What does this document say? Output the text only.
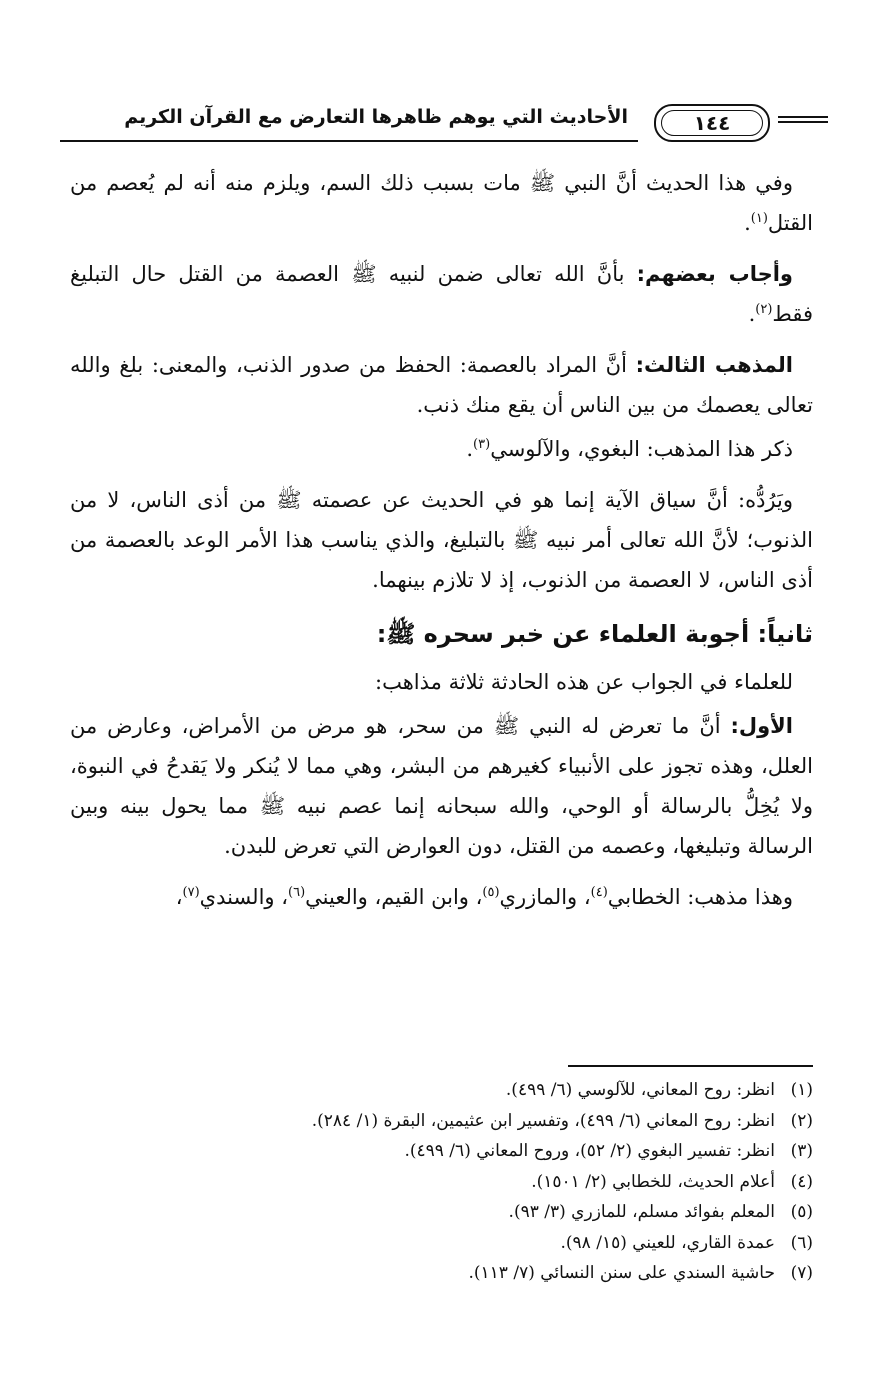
١٤٤
الأحاديث التي يوهم ظاهرها التعارض مع القرآن الكريم

وفي هذا الحديث أنَّ النبي ﷺ مات بسبب ذلك السم، ويلزم منه أنه لم يُعصم من القتل$^{(١)}$.

وأجاب بعضهم: بأنَّ الله تعالى ضمن لنبيه ﷺ العصمة من القتل حال التبليغ فقط$^{(٢)}$.

المذهب الثالث: أنَّ المراد بالعصمة: الحفظ من صدور الذنب، والمعنى: بلغ والله تعالى يعصمك من بين الناس أن يقع منك ذنب.

ذكر هذا المذهب: البغوي، والآلوسي$^{(٣)}$.

ويَرُدُّه: أنَّ سياق الآية إنما هو في الحديث عن عصمته ﷺ من أذى الناس، لا من الذنوب؛ لأنَّ الله تعالى أمر نبيه ﷺ بالتبليغ، والذي يناسب هذا الأمر الوعد بالعصمة من أذى الناس، لا العصمة من الذنوب، إذ لا تلازم بينهما.

ثانياً: أجوبة العلماء عن خبر سحره ﷺ:

للعلماء في الجواب عن هذه الحادثة ثلاثة مذاهب:

الأول: أنَّ ما تعرض له النبي ﷺ من سحر، هو مرض من الأمراض، وعارض من العلل، وهذه تجوز على الأنبياء كغيرهم من البشر، وهي مما لا يُنكر ولا يَقدحُ في النبوة، ولا يُخِلُّ بالرسالة أو الوحي، والله سبحانه إنما عصم نبيه ﷺ مما يحول بينه وبين الرسالة وتبليغها، وعصمه من القتل، دون العوارض التي تعرض للبدن.

وهذا مذهب: الخطابي$^{(٤)}$، والمازري$^{(٥)}$، وابن القيم، والعيني$^{(٦)}$، والسندي$^{(٧)}$،

(١)انظر: روح المعاني، للآلوسي (٦/ ٤٩٩).
(٢)انظر: روح المعاني (٦/ ٤٩٩)، وتفسير ابن عثيمين، البقرة (١/ ٢٨٤).
(٣)انظر: تفسير البغوي (٢/ ٥٢)، وروح المعاني (٦/ ٤٩٩).
(٤)أعلام الحديث، للخطابي (٢/ ١٥٠١).
(٥)المعلم بفوائد مسلم، للمازري (٣/ ٩٣).
(٦)عمدة القاري، للعيني (١٥/ ٩٨).
(٧)حاشية السندي على سنن النسائي (٧/ ١١٣).
